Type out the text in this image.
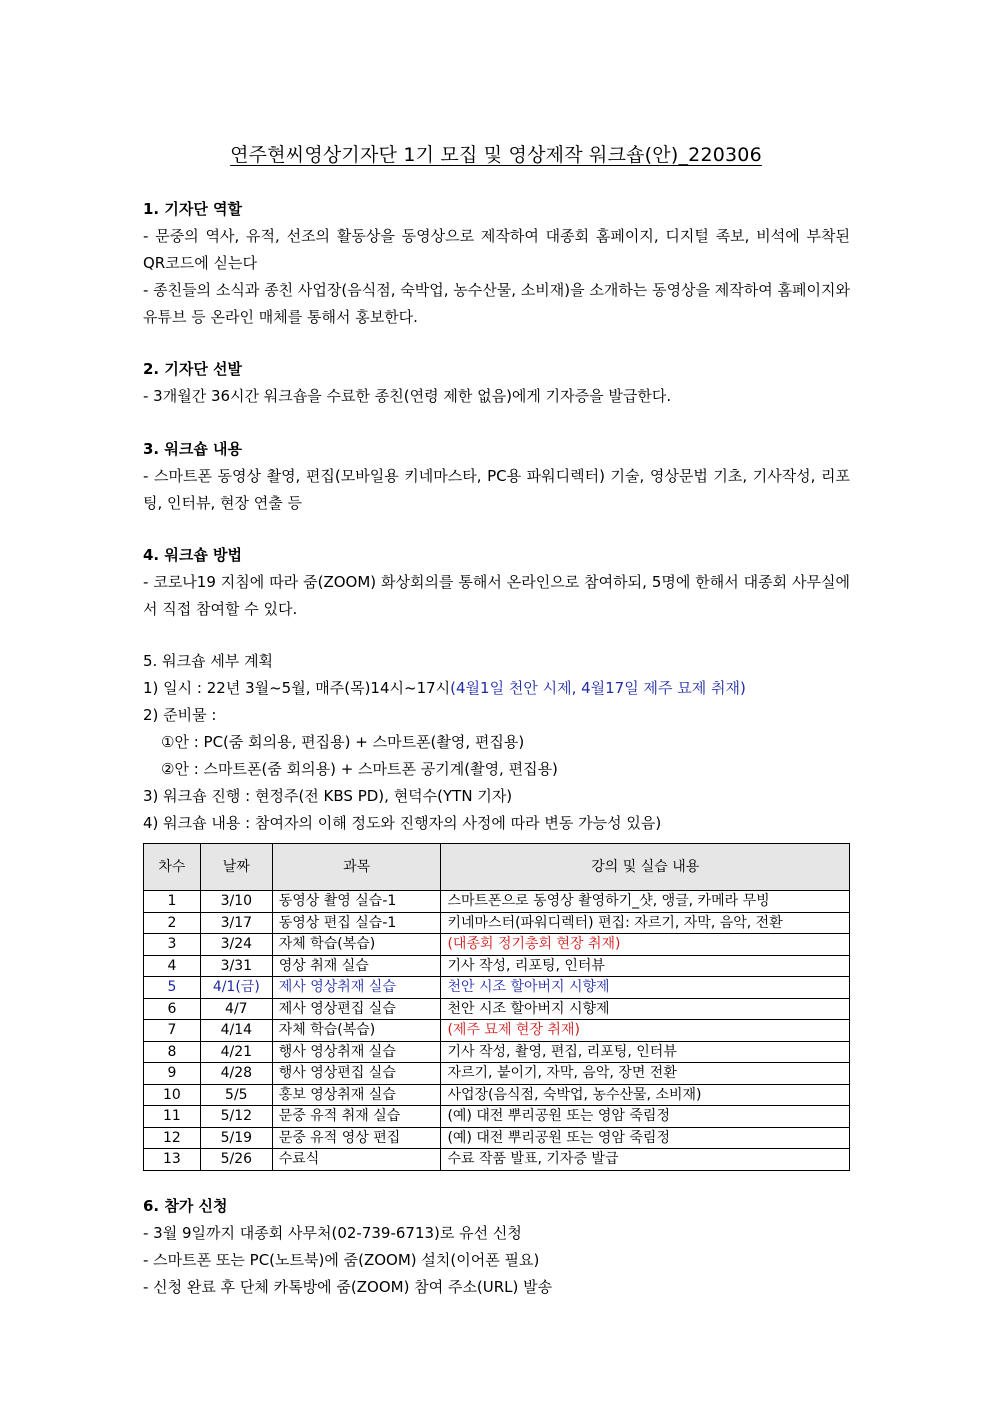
연주현씨영상기자단 1기 모집 및 영상제작 워크숍(안)_220306
1. 기자단 역할
- 문중의 역사, 유적, 선조의 활동상을 동영상으로 제작하여 대종회 홈페이지, 디지털 족보, 비석에 부착된 QR코드에 싣는다
- 종친들의 소식과 종친 사업장(음식점, 숙박업, 농수산물, 소비재)을 소개하는 동영상을 제작하여 홈페이지와 유튜브 등 온라인 매체를 통해서 홍보한다.
2. 기자단 선발
- 3개월간 36시간 워크숍을 수료한 종친(연령 제한 없음)에게 기자증을 발급한다.
3. 워크숍 내용
- 스마트폰 동영상 촬영, 편집(모바일용 키네마스타, PC용 파워디렉터) 기술, 영상문법 기초, 기사작성, 리포팅, 인터뷰, 현장 연출 등
4. 워크숍 방법
- 코로나19 지침에 따라 줌(ZOOM) 화상회의를 통해서 온라인으로 참여하되, 5명에 한해서 대종회 사무실에서 직접 참여할 수 있다.
5. 워크숍 세부 계획
1) 일시 : 22년 3월~5월, 매주(목)14시~17시(4월1일 천안 시제, 4월17일 제주 묘제 취재)
2) 준비물 :
①안 : PC(줌 회의용, 편집용) + 스마트폰(촬영, 편집용)
②안 : 스마트폰(줌 회의용) + 스마트폰 공기계(촬영, 편집용)
3) 워크숍 진행 : 현정주(전 KBS PD), 현덕수(YTN 기자)
4) 워크숍 내용 : 참여자의 이해 정도와 진행자의 사정에 따라 변동 가능성 있음)
차수	날짜	과목	강의 및 실습 내용
1	3/10	동영상 촬영 실습-1	스마트폰으로 동영상 촬영하기_샷, 앵글, 카메라 무빙
2	3/17	동영상 편집 실습-1	키네마스터(파워디렉터) 편집: 자르기, 자막, 음악, 전환
3	3/24	자체 학습(복습)	(대종회 정기총회 현장 취재)
4	3/31	영상 취재 실습	기사 작성, 리포팅, 인터뷰
5	4/1(금)	제사 영상취재 실습	천안 시조 할아버지 시향제
6	4/7	제사 영상편집 실습	천안 시조 할아버지 시향제
7	4/14	자체 학습(복습)	(제주 묘제 현장 취재)
8	4/21	행사 영상취재 실습	기사 작성, 촬영, 편집, 리포팅, 인터뷰
9	4/28	행사 영상편집 실습	자르기, 붙이기, 자막, 음악, 장면 전환
10	5/5	홍보 영상취재 실습	사업장(음식점, 숙박업, 농수산물, 소비재)
11	5/12	문중 유적 취재 실습	(예) 대전 뿌리공원 또는 영암 죽림정
12	5/19	문중 유적 영상 편집	(예) 대전 뿌리공원 또는 영암 죽림정
13	5/26	수료식	수료 작품 발표, 기자증 발급
6. 참가 신청
- 3월 9일까지 대종회 사무처(02-739-6713)로 유선 신청
- 스마트폰 또는 PC(노트북)에 줌(ZOOM) 설치(이어폰 필요)
- 신청 완료 후 단체 카톡방에 줌(ZOOM) 참여 주소(URL) 발송
